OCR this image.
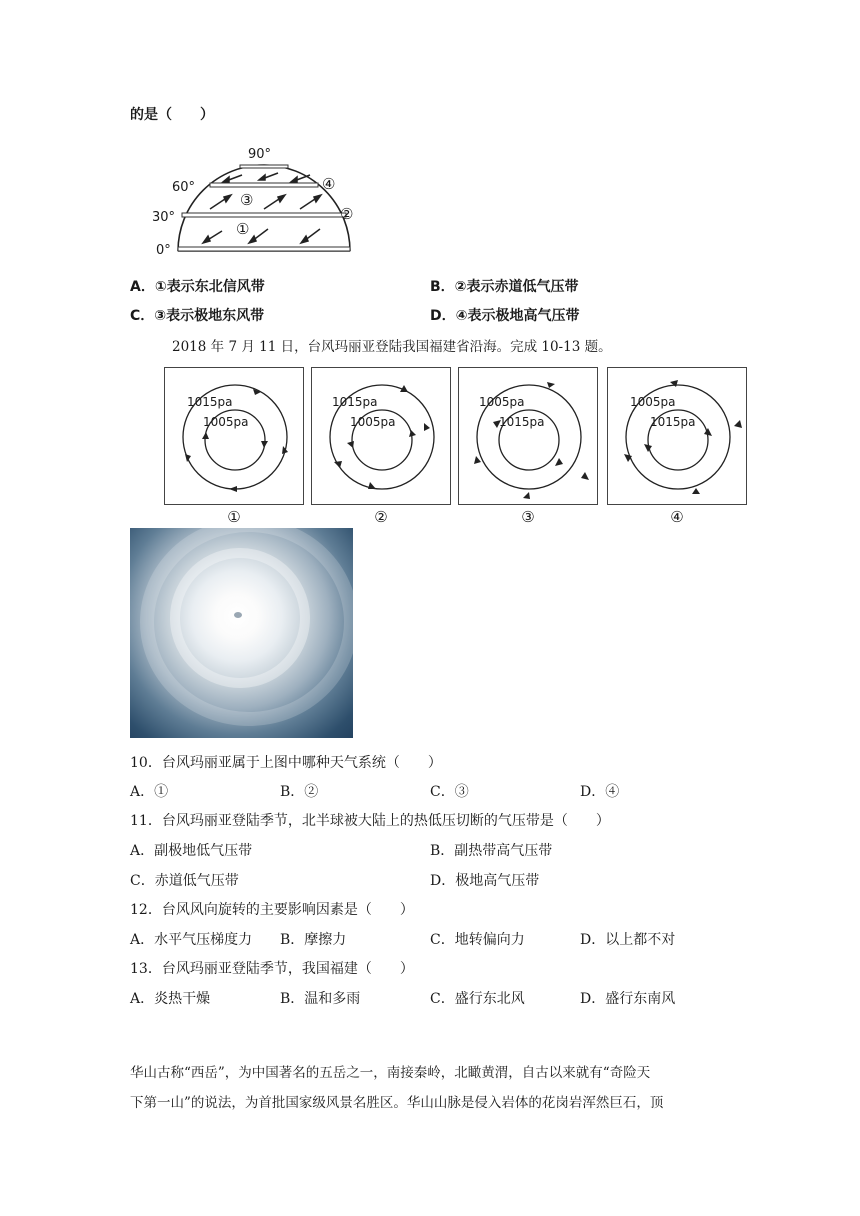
的是（　　）
90°
60°
30°
0°
①
②
③
④
A．①表示东北信风带	B．②表示赤道低气压带
C．③表示极地东风带	D．④表示极地高气压带
2018 年 7 月 11 日，台风玛丽亚登陆我国福建省沿海。完成 10-13 题。
1015pa
1005pa
1015pa
1005pa
1005pa
1015pa
1005pa
1015pa
①	②	③	④
10．台风玛丽亚属于上图中哪种天气系统（　　）
A．①	B．②	C．③	D．④
11．台风玛丽亚登陆季节，北半球被大陆上的热低压切断的气压带是（　　）
A．副极地低气压带	B．副热带高气压带
C．赤道低气压带	D．极地高气压带
12．台风风向旋转的主要影响因素是（　　）
A．水平气压梯度力 B．摩擦力	C．地转偏向力	D．以上都不对
13．台风玛丽亚登陆季节，我国福建（　　）
A．炎热干燥	B．温和多雨	C．盛行东北风	D．盛行东南风
华山古称“西岳”，为中国著名的五岳之一，南接秦岭，北瞰黄渭，自古以来就有“奇险天
下第一山”的说法，为首批国家级风景名胜区。华山山脉是侵入岩体的花岗岩浑然巨石，顶
